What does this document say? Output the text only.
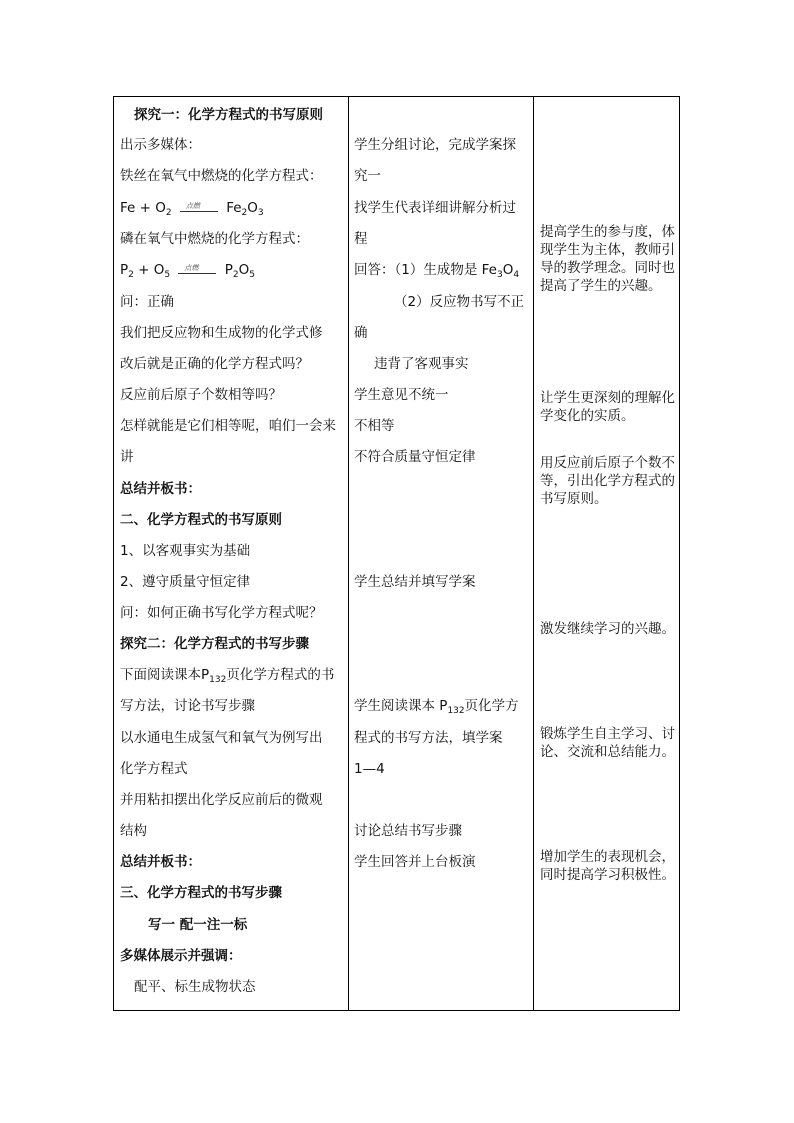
探究一：化学方程式的书写原则
出示多媒体：
铁丝在氧气中燃烧的化学方程式：
$Fe + O_2$
点燃 $Fe_2O_3$
磷在氧气中燃烧的化学方程式：
$P_2 + O_5$
点燃 $P_2O_5$
问：正确
我们把反应物和生成物的化学式修
改后就是正确的化学方程式吗？
反应前后原子个数相等吗？
怎样就能是它们相等呢，咱们一会来
讲
总结并板书：
二、化学方程式的书写原则
1、以客观事实为基础
2、遵守质量守恒定律
问：如何正确书写化学方程式呢？
探究二：化学方程式的书写步骤
下面阅读课本$P_{132}$页化学方程式的书
写方法，讨论书写步骤
以水通电生成氢气和氧气为例写出
化学方程式
并用粘扣摆出化学反应前后的微观
结构
总结并板书：
三、化学方程式的书写步骤
写一 配一注一标
多媒体展示并强调：
配平、标生成物状态
学生分组讨论，完成学案探
究一
找学生代表详细讲解分析过
程
回答：（1）生成物是 $Fe_3O_4$
（2）反应物书写不正
确
违背了客观事实
学生意见不统一
不相等
不符合质量守恒定律
学生总结并填写学案
学生阅读课本 $P_{132}$页化学方
程式的书写方法，填学案
1—4
讨论总结书写步骤
学生回答并上台板演
提高学生的参与度，体现学生为主体，教师引导的教学理念。同时也提高了学生的兴趣。
让学生更深刻的理解化学变化的实质。
用反应前后原子个数不等，引出化学方程式的书写原则。
激发继续学习的兴趣。
锻炼学生自主学习、讨论、交流和总结能力。
增加学生的表现机会，同时提高学习积极性。
